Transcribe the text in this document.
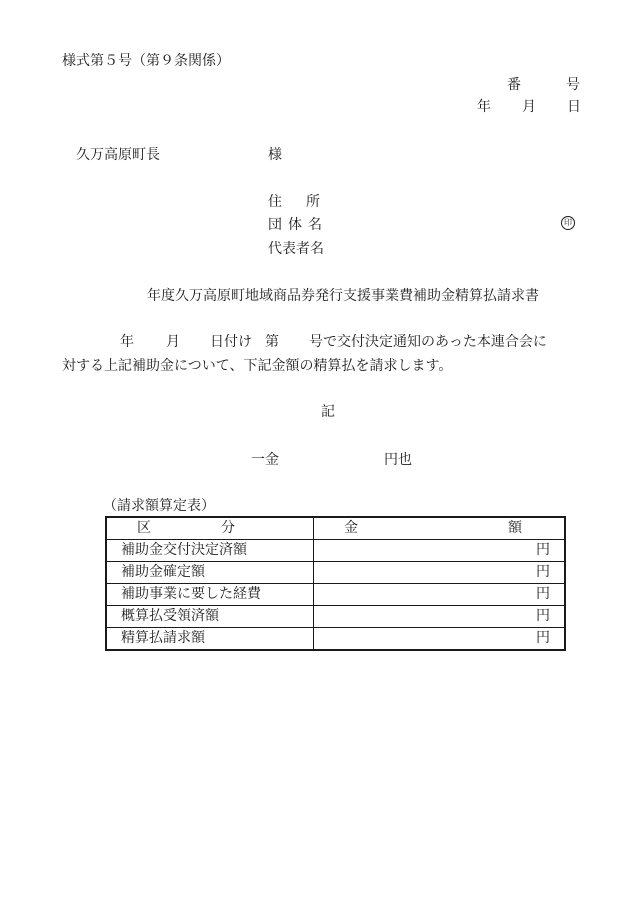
様式第５号（第９条関係）
番	号
年 月 日
久万高原町長	様
住 所
団 体 名
代表者名
印
年度久万高原町地域商品券発行支援事業費補助金精算払請求書
年 月 日付け 第 号で交付決定通知のあった本連合会に
対する上記補助金について、下記金額の精算払を請求します。
記
一金	円也
（請求額算定表）
区 分	金 額
補助金交付決定済額	円
補助金確定額	円
補助事業に要した経費	円
概算払受領済額	円
精算払請求額	円
